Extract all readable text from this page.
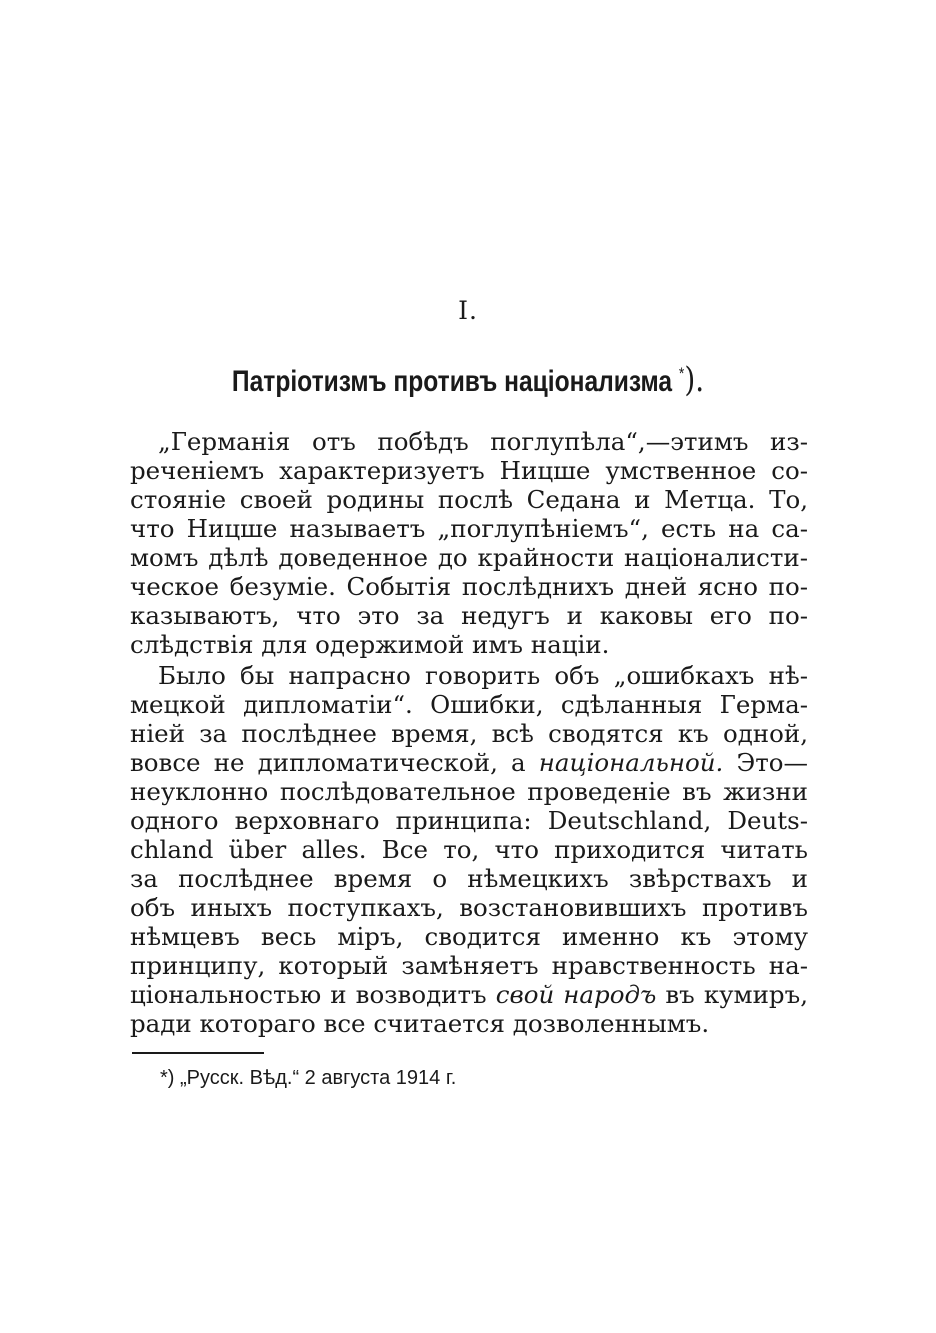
I.
Патріотизмъ противъ націонализма *).
„Германія отъ побѣдъ поглупѣла“,—этимъ из-
реченіемъ характеризуетъ Ницше умственное со-
стояніе своей родины послѣ Седана и Метца. То,
что Ницше называетъ „поглупѣніемъ“, есть на са-
момъ дѣлѣ доведенное до крайности націоналисти-
ческое безуміе. Событія послѣднихъ дней ясно по-
казываютъ, что это за недугъ и каковы его по-
слѣдствія для одержимой имъ націи.
Было бы напрасно говорить объ „ошибкахъ нѣ-
мецкой дипломатіи“. Ошибки, сдѣланныя Герма-
ніей за послѣднее время, всѣ сводятся къ одной,
вовсе не дипломатической, а національной. Это—
неуклонно послѣдовательное проведеніе въ жизни
одного верховнаго принципа: Deutschland, Deuts-
chland über alles. Все то, что приходится читать
за послѣднее время о нѣмецкихъ звѣрствахъ и
объ иныхъ поступкахъ, возстановившихъ противъ
нѣмцевъ весь міръ, сводится именно къ этому
принципу, который замѣняетъ нравственность на-
ціональностью и возводитъ свой народъ въ кумиръ,
ради котораго все считается дозволеннымъ.
*) „Русск. Вѣд.“ 2 августа 1914 г.
